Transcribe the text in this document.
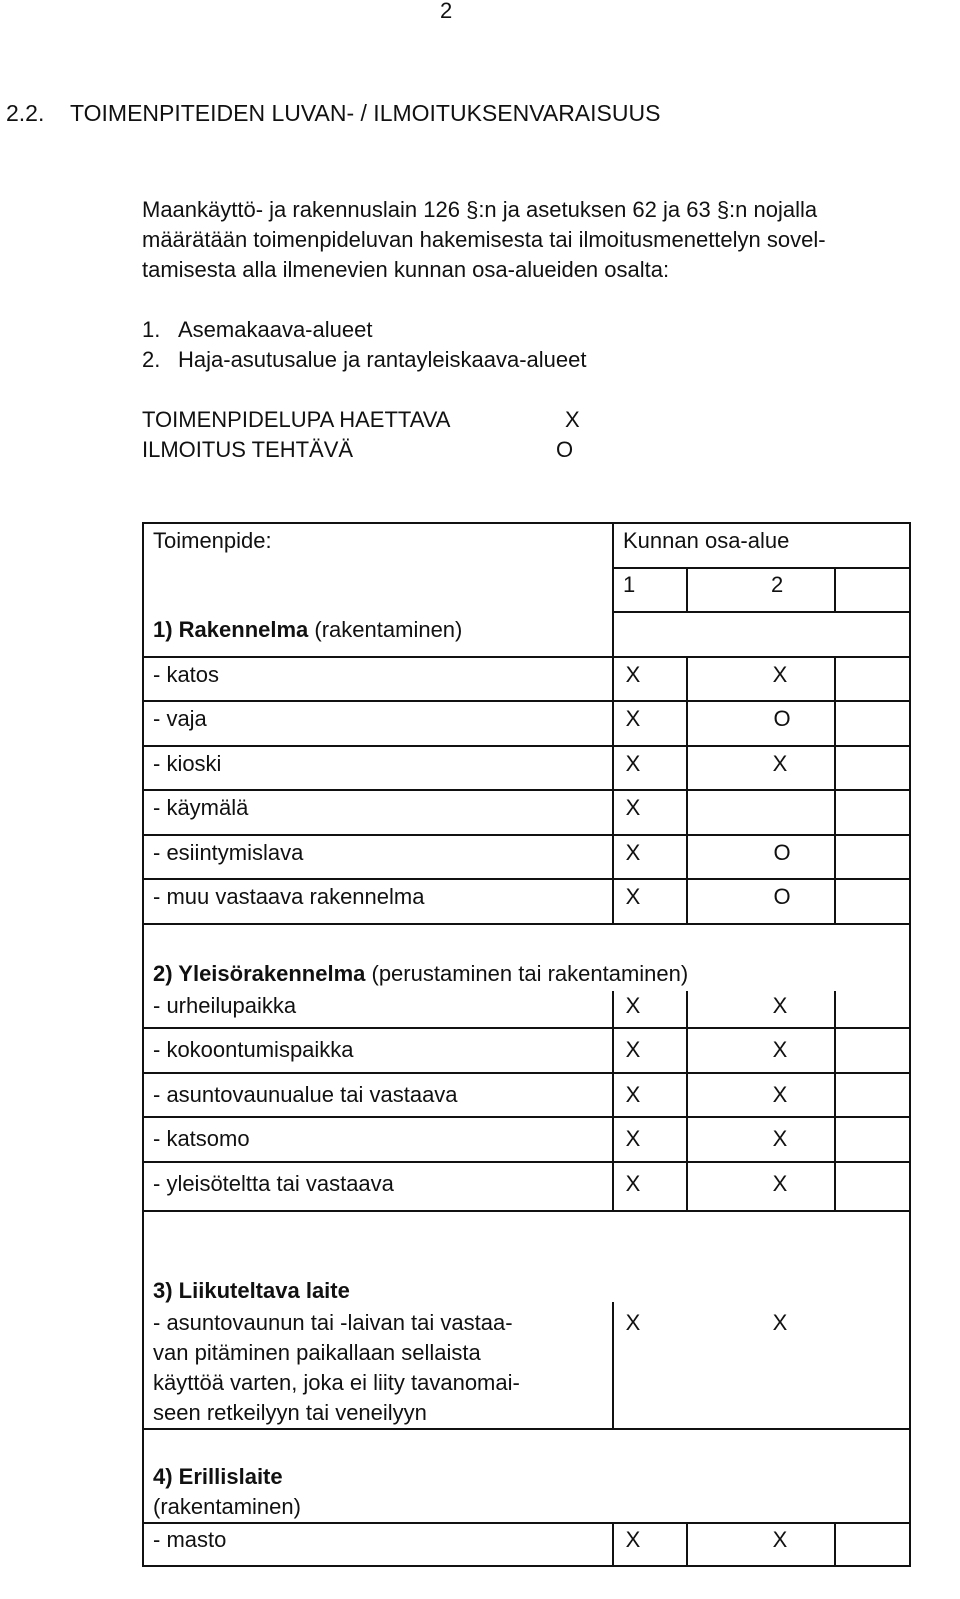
2
2.2. TOIMENPITEIDEN LUVAN- / ILMOITUKSENVARAISUUS
Maankäyttö- ja rakennuslain 126 §:n ja asetuksen 62 ja 63 §:n nojalla
määrätään toimenpideluvan hakemisesta tai ilmoitusmenettelyn sovel-
tamisesta alla ilmenevien kunnan osa-alueiden osalta:
1. Asemakaava-alueet
2. Haja-asutusalue ja rantayleiskaava-alueet
TOIMENPIDELUPA HAETTAVA	X
ILMOITUS TEHTÄVÄ	O
Toimenpide:	Kunnan osa-alue
1	2
1) Rakennelma (rakentaminen)
- katos	X	X
- vaja	X	O
- kioski	X	X
- käymälä	X
- esiintymislava	X	O
- muu vastaava rakennelma	X	O
2) Yleisörakennelma (perustaminen tai rakentaminen)
- urheilupaikka	X	X
- kokoontumispaikka	X	X
- asuntovaunualue tai vastaava	X	X
- katsomo	X	X
- yleisöteltta tai vastaava	X	X
3) Liikuteltava laite
- asuntovaunun tai -laivan tai vastaa-
van pitäminen paikallaan sellaista
käyttöä varten, joka ei liity tavanomai-
seen retkeilyyn tai veneilyyn
X	X
4) Erillislaite
(rakentaminen)
- masto	X	X
